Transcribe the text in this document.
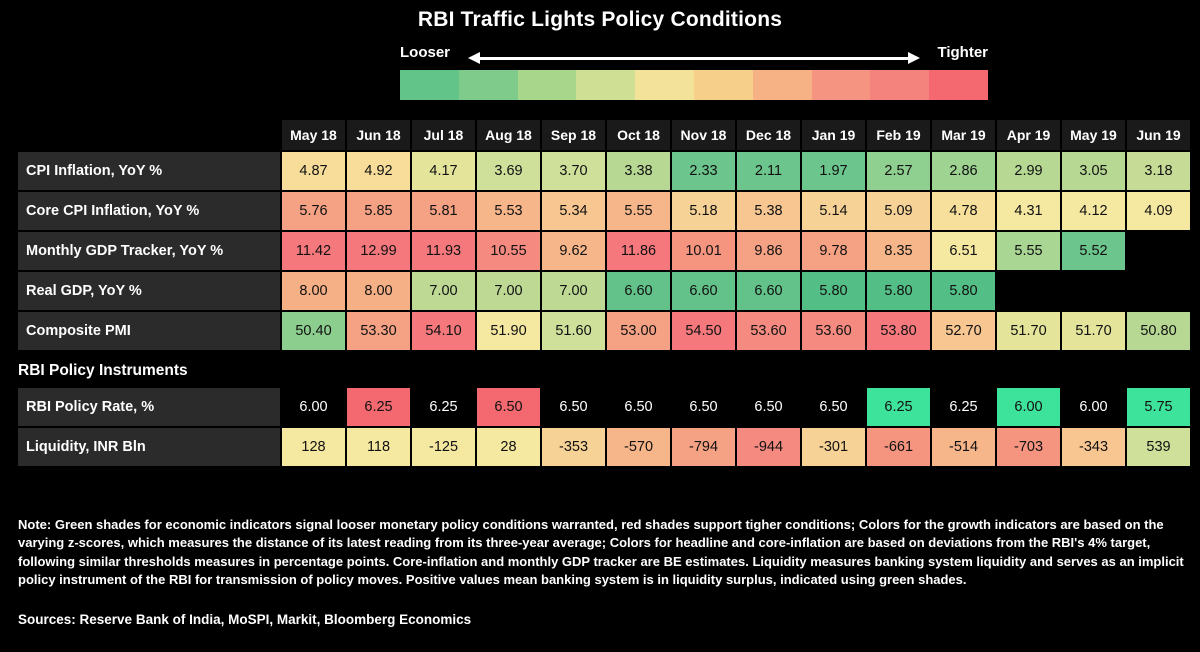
RBI Traffic Lights Policy Conditions
Looser	Tighter
	May 18	Jun 18	Jul 18	Aug 18	Sep 18	Oct 18	Nov 18	Dec 18	Jan 19	Feb 19	Mar 19	Apr 19	May 19	Jun 19
CPI Inflation, YoY %	4.87	4.92	4.17	3.69	3.70	3.38	2.33	2.11	1.97	2.57	2.86	2.99	3.05	3.18
Core CPI Inflation, YoY %	5.76	5.85	5.81	5.53	5.34	5.55	5.18	5.38	5.14	5.09	4.78	4.31	4.12	4.09
Monthly GDP Tracker, YoY %	11.42	12.99	11.93	10.55	9.62	11.86	10.01	9.86	9.78	8.35	6.51	5.55	5.52	
Real GDP, YoY %	8.00	8.00	7.00	7.00	7.00	6.60	6.60	6.60	5.80	5.80	5.80			
Composite PMI	50.40	53.30	54.10	51.90	51.60	53.00	54.50	53.60	53.60	53.80	52.70	51.70	51.70	50.80
RBI Policy Instruments
RBI Policy Rate, %	6.00	6.25	6.25	6.50	6.50	6.50	6.50	6.50	6.50	6.25	6.25	6.00	6.00	5.75
Liquidity, INR Bln	128	118	-125	28	-353	-570	-794	-944	-301	-661	-514	-703	-343	539
Note: Green shades for economic indicators signal looser monetary policy conditions warranted, red shades support tigher conditions; Colors for the growth indicators are based on the varying z-scores, which measures the distance of its latest reading from its three-year average; Colors for headline and core-inflation are based on deviations from the RBI's 4% target, following similar thresholds measures in percentage points. Core-inflation and monthly GDP tracker are BE estimates. Liquidity measures banking system liquidity and serves as an implicit policy instrument of the RBI for transmission of policy moves. Positive values mean banking system is in liquidity surplus, indicated using green shades.
Sources: Reserve Bank of India, MoSPI, Markit, Bloomberg Economics
